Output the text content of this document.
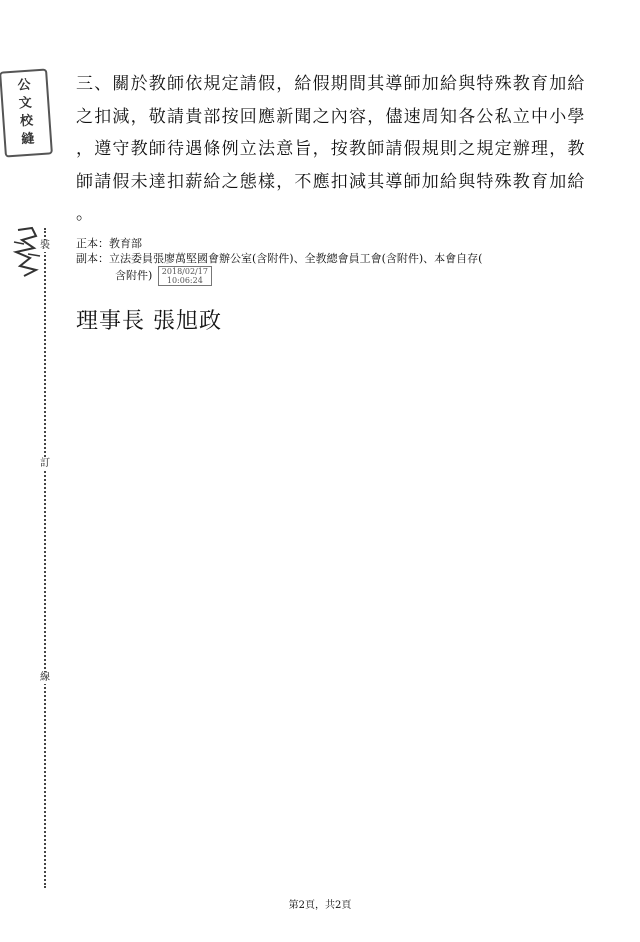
公
文
校
縫
裝
訂
線

三、關於教師依規定請假，給假期間其導師加給與特殊教育加給

之扣減，敬請貴部按回應新聞之內容，儘速周知各公私立中小學

，遵守教師待遇條例立法意旨，按教師請假規則之規定辦理，教

師請假未達扣薪給之態樣，不應扣減其導師加給與特殊教育加給

。

正本：教育部
副本：立法委員張廖萬堅國會辦公室(含附件)、全教總會員工會(含附件)、本會自存(
含附件) 2018/02/17
10:06:24
理事長 張旭政
第2頁，共2頁
